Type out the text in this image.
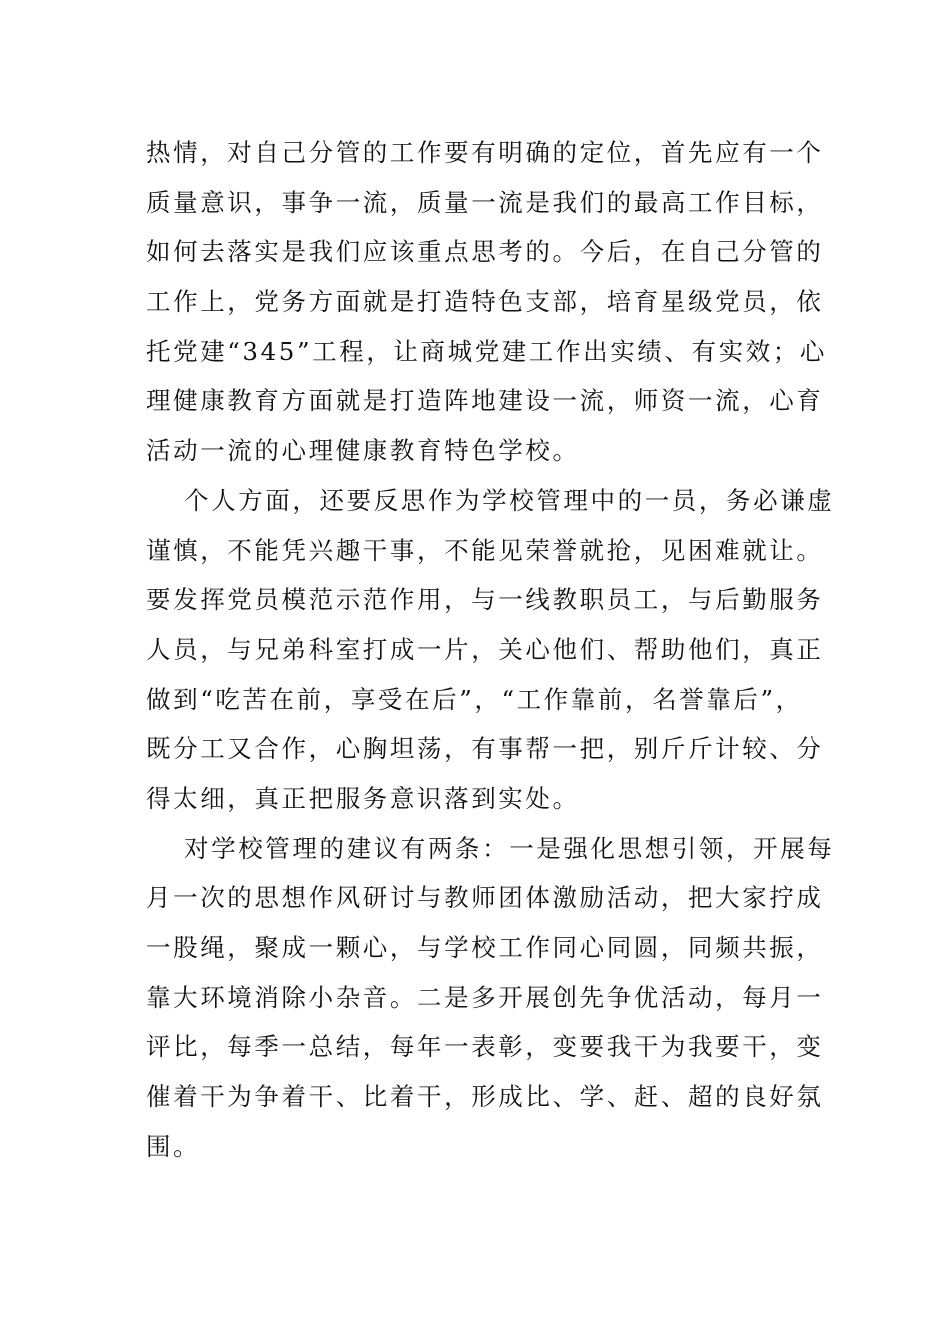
热情，对自己分管的工作要有明确的定位，首先应有一个
质量意识，事争一流，质量一流是我们的最高工作目标，
如何去落实是我们应该重点思考的。今后，在自己分管的
工作上，党务方面就是打造特色支部，培育星级党员，依
托党建“345”工程，让商城党建工作出实绩、有实效；心
理健康教育方面就是打造阵地建设一流，师资一流，心育
活动一流的心理健康教育特色学校。
个人方面，还要反思作为学校管理中的一员，务必谦虚
谨慎，不能凭兴趣干事，不能见荣誉就抢，见困难就让。
要发挥党员模范示范作用，与一线教职员工，与后勤服务
人员，与兄弟科室打成一片，关心他们、帮助他们，真正
做到“吃苦在前，享受在后”，“工作靠前，名誉靠后”，
既分工又合作，心胸坦荡，有事帮一把，别斤斤计较、分
得太细，真正把服务意识落到实处。
对学校管理的建议有两条：一是强化思想引领，开展每
月一次的思想作风研讨与教师团体激励活动，把大家拧成
一股绳，聚成一颗心，与学校工作同心同圆，同频共振，
靠大环境消除小杂音。二是多开展创先争优活动，每月一
评比，每季一总结，每年一表彰，变要我干为我要干，变
催着干为争着干、比着干，形成比、学、赶、超的良好氛
围。
